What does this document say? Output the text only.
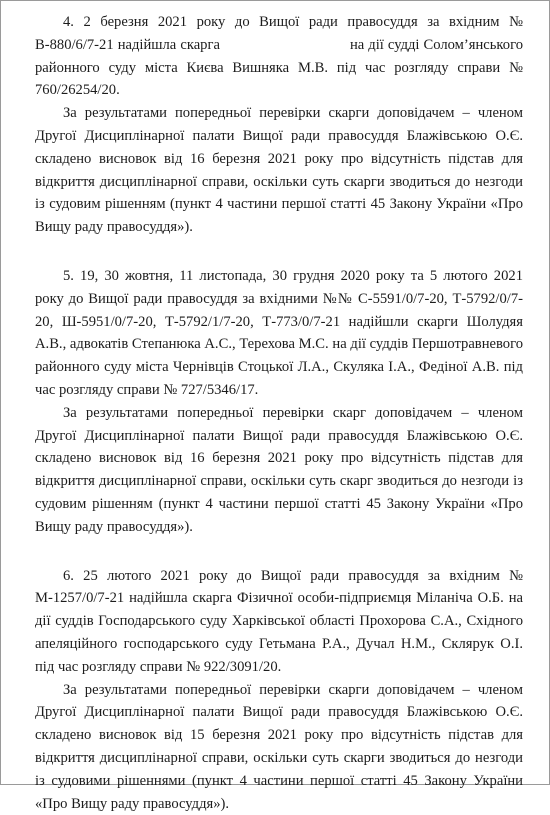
4. 2 березня 2021 року до Вищої ради правосуддя за вхідним № В-880/6/7-21 надійшла скарга                                на дії судді Солом’янського районного суду міста Києва Вишняка М.В. під час розгляду справи № 760/26254/20.

За результатами попередньої перевірки скарги доповідачем – членом Другої Дисциплінарної палати Вищої ради правосуддя Блажівською О.Є. складено висновок від 16 березня 2021 року про відсутність підстав для відкриття дисциплінарної справи, оскільки суть скарги зводиться до незгоди із судовим рішенням (пункт 4 частини першої статті 45 Закону України «Про Вищу раду правосуддя»).

5. 19, 30 жовтня, 11 листопада, 30 грудня 2020 року та 5 лютого 2021 року до Вищої ради правосуддя за вхідними №№ С-5591/0/7-20, Т-5792/0/7-20, Ш-5951/0/7-20, Т-5792/1/7-20, Т-773/0/7-21 надійшли скарги Шолудяя А.В., адвокатів Степанюка А.С., Терехова М.С. на дії суддів Першотравневого районного суду міста Чернівців Стоцької Л.А., Скуляка І.А., Федіної А.В. під час розгляду справи № 727/5346/17.

За результатами попередньої перевірки скарг доповідачем – членом Другої Дисциплінарної палати Вищої ради правосуддя Блажівською О.Є. складено висновок від 16 березня 2021 року про відсутність підстав для відкриття дисциплінарної справи, оскільки суть скарг зводиться до незгоди із судовим рішенням (пункт 4 частини першої статті 45 Закону України «Про Вищу раду правосуддя»).

6. 25 лютого 2021 року до Вищої ради правосуддя за вхідним № М-1257/0/7-21 надійшла скарга Фізичної особи-підприємця Міланіча О.Б. на дії суддів Господарського суду Харківської області Прохорова С.А., Східного апеляційного господарського суду Гетьмана Р.А., Дучал Н.М., Склярук О.І. під час розгляду справи № 922/3091/20.

За результатами попередньої перевірки скарги доповідачем – членом Другої Дисциплінарної палати Вищої ради правосуддя Блажівською О.Є. складено висновок від 15 березня 2021 року про відсутність підстав для відкриття дисциплінарної справи, оскільки суть скарги зводиться до незгоди із судовими рішеннями (пункт 4 частини першої статті 45 Закону України «Про Вищу раду правосуддя»).
